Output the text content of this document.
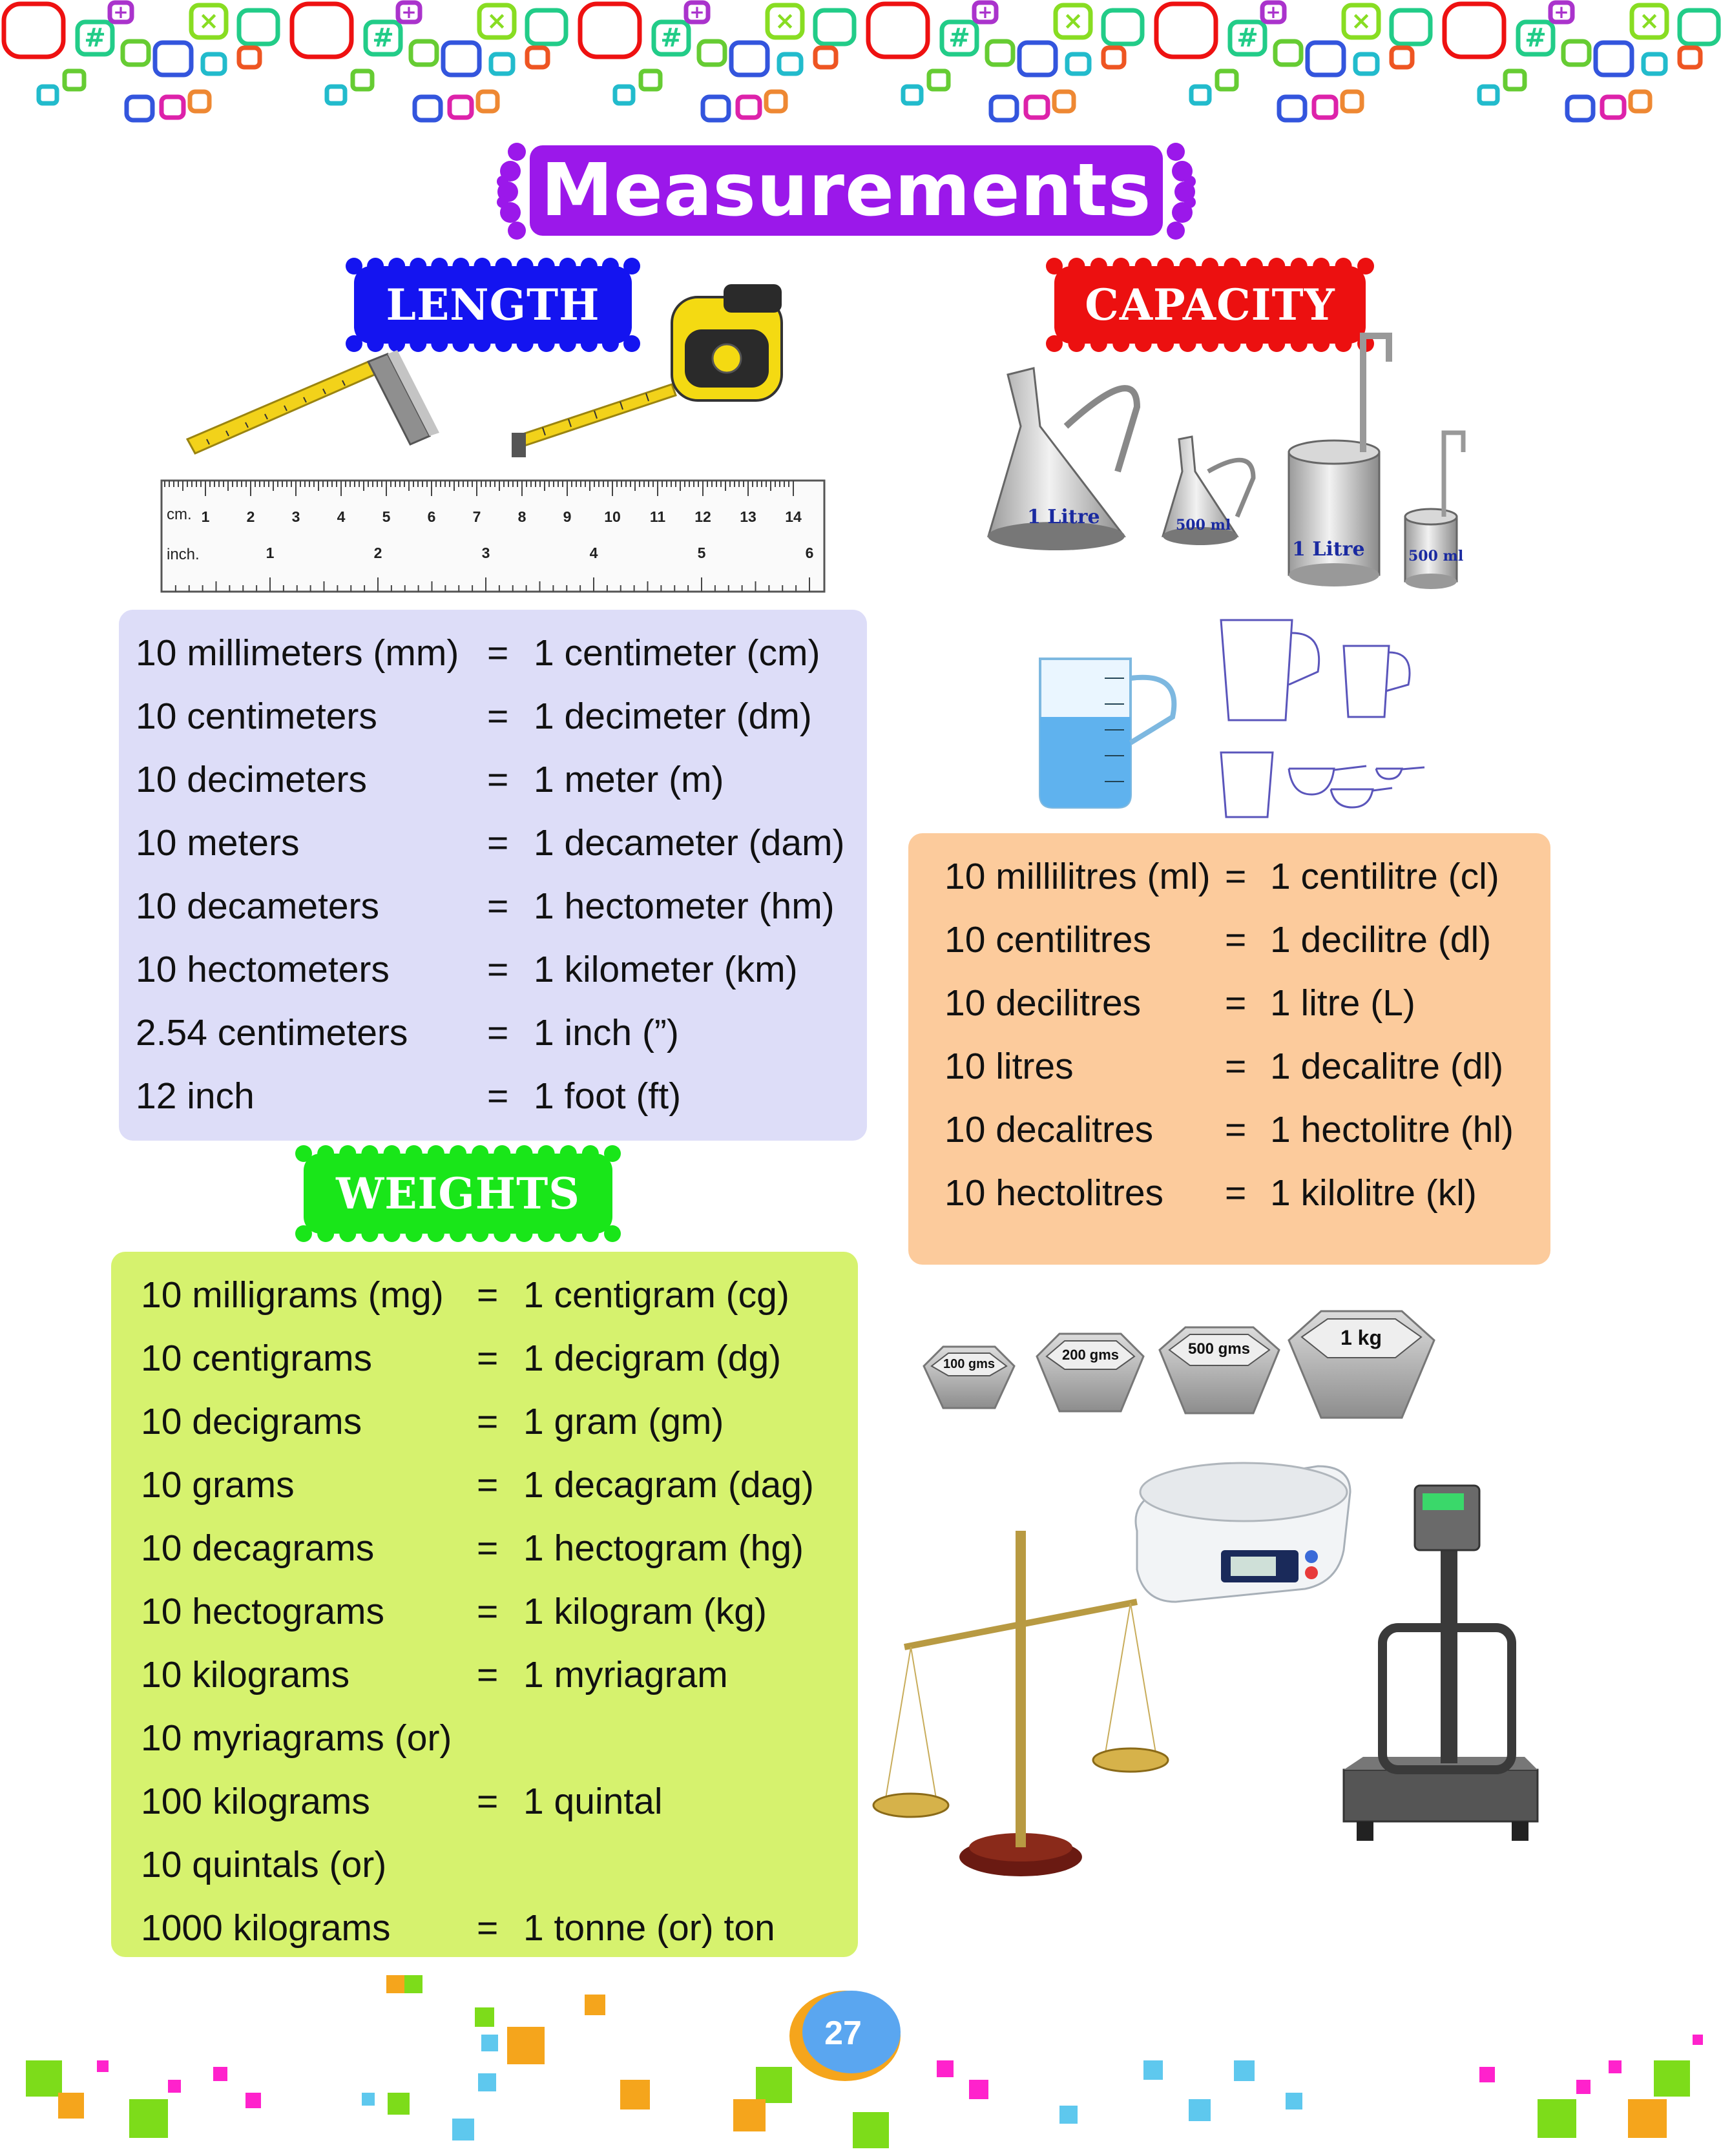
#
+	×
Measurements
LENGTH
cm.
inch.
1 2 3 4 5 6 7 8 9 10 11 12 13 14
1	2	3	4	5	6
10 millimeters (mm) = 1 centimeter (cm)
10 centimeters	= 1 decimeter (dm)
10 decimeters	= 1 meter (m)
10 meters	= 1 decameter (dam)
10 decameters	= 1 hectometer (hm)
10 hectometers	= 1 kilometer (km)
2.54 centimeters = 1 inch (”)
12 inch	= 1 foot (ft)
WEIGHTS
10 milligrams (mg) = 1 centigram (cg)
10 centigrams	= 1 decigram (dg)
10 decigrams	= 1 gram (gm)
10 grams	= 1 decagram (dag)
10 decagrams	= 1 hectogram (hg)
10 hectograms	= 1 kilogram (kg)
10 kilograms	= 1 myriagram
10 myriagrams (or)
100 kilograms	= 1 quintal
10 quintals (or)
1000 kilograms = 1 tonne (or) ton
CAPACITY
1 Litre	500 ml
1 Litre	500 ml
10 millilitres (ml) = 1 centilitre (cl)
10 centilitres = 1 decilitre (dl)
10 decilitres = 1 litre (L)
10 litres	= 1 decalitre (dl)
10 decalitres = 1 hectolitre (hl)
10 hectolitres = 1 kilolitre (kl)
100 gms
200 gms	500 gms	1 kg
27
